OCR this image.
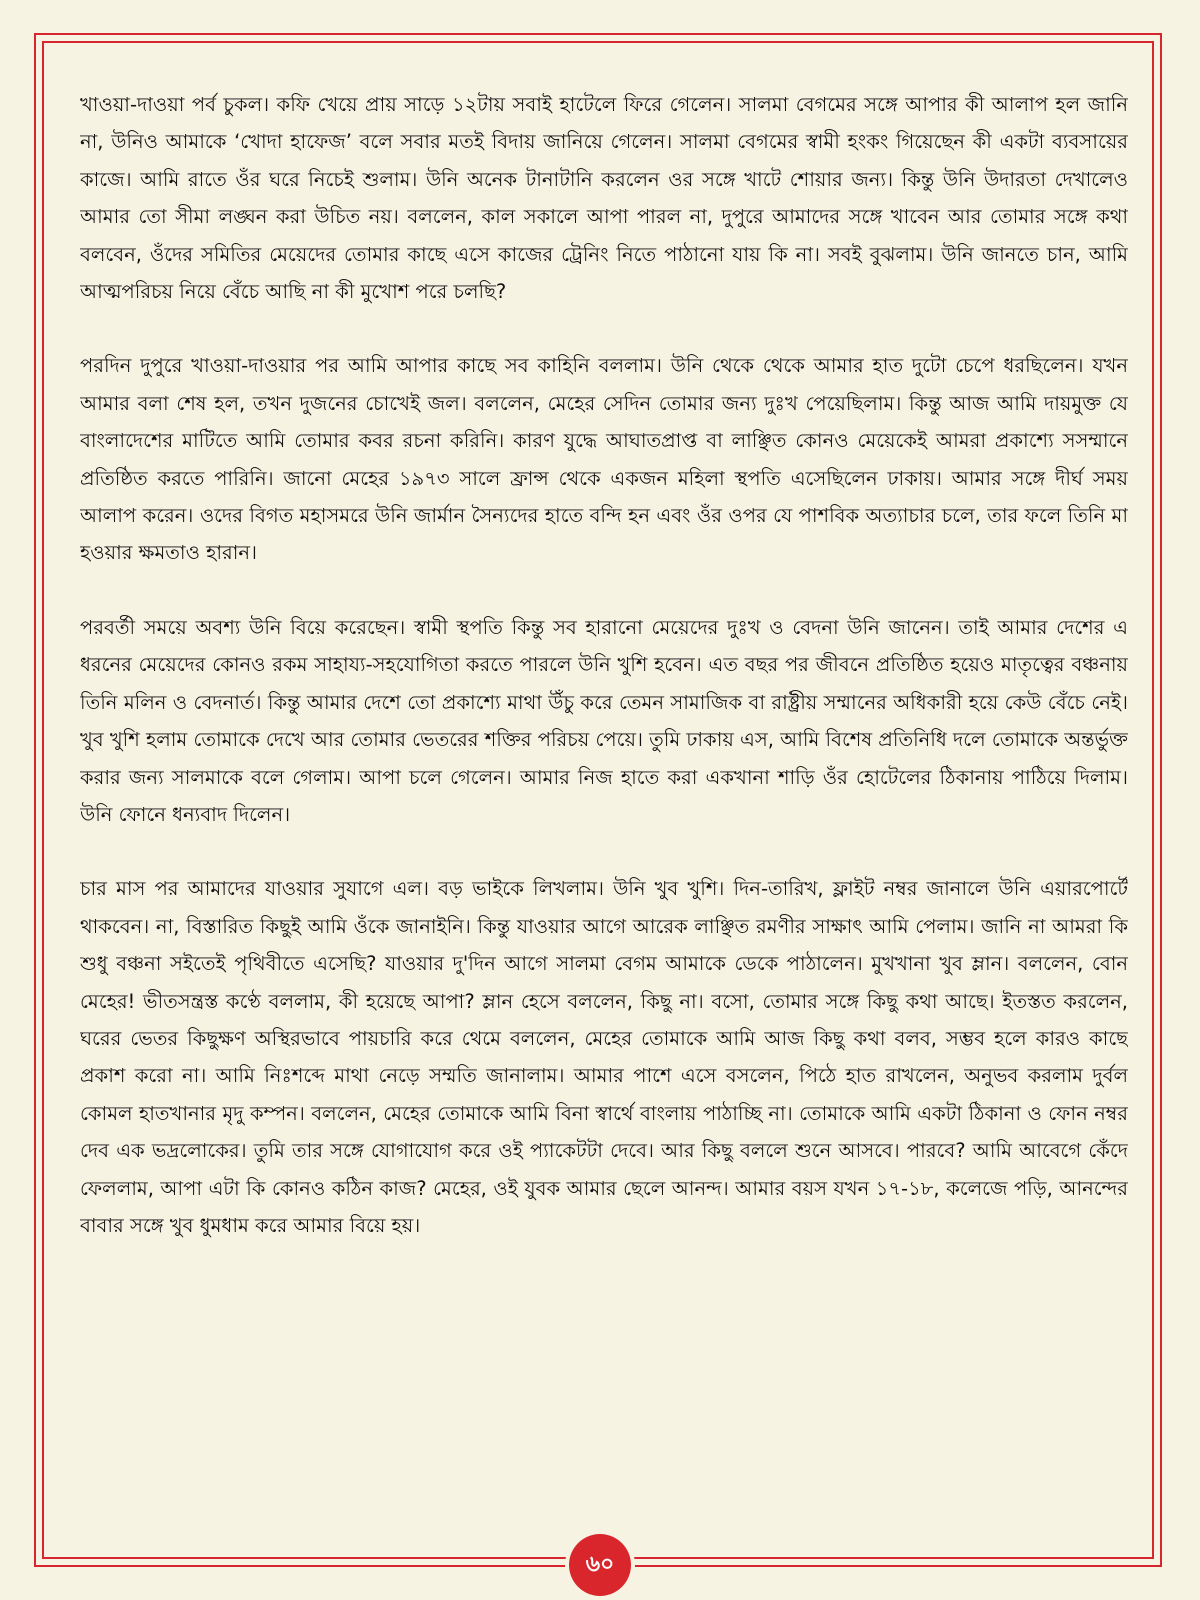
খাওয়া-দাওয়া পর্ব চুকল। কফি খেয়ে প্রায় সাড়ে ১২টায় সবাই হাটেলে ফিরে গেলেন। সালমা বেগমের সঙ্গে আপার কী আলাপ হল জানি না, উনিও আমাকে ‘খোদা হাফেজ’ বলে সবার মতই বিদায় জানিয়ে গেলেন। সালমা বেগমের স্বামী হংকং গিয়েছেন কী একটা ব্যবসায়ের কাজে। আমি রাতে ওঁর ঘরে নিচেই শুলাম। উনি অনেক টানাটানি করলেন ওর সঙ্গে খাটে শোয়ার জন্য। কিন্তু উনি উদারতা দেখালেও আমার তো সীমা লঙ্ঘন করা উচিত নয়। বললেন, কাল সকালে আপা পারল না, দুপুরে আমাদের সঙ্গে খাবেন আর তোমার সঙ্গে কথা বলবেন, ওঁদের সমিতির মেয়েদের তোমার কাছে এসে কাজের ট্রেনিং নিতে পাঠানো যায় কি না। সবই বুঝলাম। উনি জানতে চান, আমি আত্মপরিচয় নিয়ে বেঁচে আছি না কী মুখোশ পরে চলছি?

পরদিন দুপুরে খাওয়া-দাওয়ার পর আমি আপার কাছে সব কাহিনি বললাম। উনি থেকে থেকে আমার হাত দুটো চেপে ধরছিলেন। যখন আমার বলা শেষ হল, তখন দুজনের চোখেই জল। বললেন, মেহের সেদিন তোমার জন্য দুঃখ পেয়েছিলাম। কিন্তু আজ আমি দায়মুক্ত যে বাংলাদেশের মাটিতে আমি তোমার কবর রচনা করিনি। কারণ যুদ্ধে আঘাতপ্রাপ্ত বা লাঞ্ছিত কোনও মেয়েকেই আমরা প্রকাশ্যে সসম্মানে প্রতিষ্ঠিত করতে পারিনি। জানো মেহের ১৯৭৩ সালে ফ্রান্স থেকে একজন মহিলা স্থপতি এসেছিলেন ঢাকায়। আমার সঙ্গে দীর্ঘ সময় আলাপ করেন। ওদের বিগত মহাসমরে উনি জার্মান সৈন্যদের হাতে বন্দি হন এবং ওঁর ওপর যে পাশবিক অত্যাচার চলে, তার ফলে তিনি মা হওয়ার ক্ষমতাও হারান।

পরবর্তী সময়ে অবশ্য উনি বিয়ে করেছেন। স্বামী স্থপতি কিন্তু সব হারানো মেয়েদের দুঃখ ও বেদনা উনি জানেন। তাই আমার দেশের এ ধরনের মেয়েদের কোনও রকম সাহায্য-সহযোগিতা করতে পারলে উনি খুশি হবেন। এত বছর পর জীবনে প্রতিষ্ঠিত হয়েও মাতৃত্বের বঞ্চনায় তিনি মলিন ও বেদনার্ত। কিন্তু আমার দেশে তো প্রকাশ্যে মাথা উঁচু করে তেমন সামাজিক বা রাষ্ট্রীয় সম্মানের অধিকারী হয়ে কেউ বেঁচে নেই। খুব খুশি হলাম তোমাকে দেখে আর তোমার ভেতরের শক্তির পরিচয় পেয়ে। তুমি ঢাকায় এস, আমি বিশেষ প্রতিনিধি দলে তোমাকে অন্তর্ভুক্ত করার জন্য সালমাকে বলে গেলাম। আপা চলে গেলেন। আমার নিজ হাতে করা একখানা শাড়ি ওঁর হোটেলের ঠিকানায় পাঠিয়ে দিলাম। উনি ফোনে ধন্যবাদ দিলেন।

চার মাস পর আমাদের যাওয়ার সুযাগে এল। বড় ভাইকে লিখলাম। উনি খুব খুশি। দিন-তারিখ, ফ্লাইট নম্বর জানালে উনি এয়ারপোর্টে থাকবেন। না, বিস্তারিত কিছুই আমি ওঁকে জানাইনি। কিন্তু যাওয়ার আগে আরেক লাঞ্ছিত রমণীর সাক্ষাৎ আমি পেলাম। জানি না আমরা কি শুধু বঞ্চনা সইতেই পৃথিবীতে এসেছি? যাওয়ার দু'দিন আগে সালমা বেগম আমাকে ডেকে পাঠালেন। মুখখানা খুব ম্লান। বললেন, বোন মেহের! ভীতসন্ত্রস্ত কণ্ঠে বললাম, কী হয়েছে আপা? ম্লান হেসে বললেন, কিছু না। বসো, তোমার সঙ্গে কিছু কথা আছে। ইতস্তত করলেন, ঘরের ভেতর কিছুক্ষণ অস্থিরভাবে পায়চারি করে থেমে বললেন, মেহের তোমাকে আমি আজ কিছু কথা বলব, সম্ভব হলে কারও কাছে প্রকাশ করো না। আমি নিঃশব্দে মাথা নেড়ে সম্মতি জানালাম। আমার পাশে এসে বসলেন, পিঠে হাত রাখলেন, অনুভব করলাম দুর্বল কোমল হাতখানার মৃদু কম্পন। বললেন, মেহের তোমাকে আমি বিনা স্বার্থে বাংলায় পাঠাচ্ছি না। তোমাকে আমি একটা ঠিকানা ও ফোন নম্বর দেব এক ভদ্রলোকের। তুমি তার সঙ্গে যোগাযোগ করে ওই প্যাকেটটা দেবে। আর কিছু বললে শুনে আসবে। পারবে? আমি আবেগে কেঁদে ফেললাম, আপা এটা কি কোনও কঠিন কাজ? মেহের, ওই যুবক আমার ছেলে আনন্দ। আমার বয়স যখন ১৭-১৮, কলেজে পড়ি, আনন্দের বাবার সঙ্গে খুব ধুমধাম করে আমার বিয়ে হয়।

৬০
